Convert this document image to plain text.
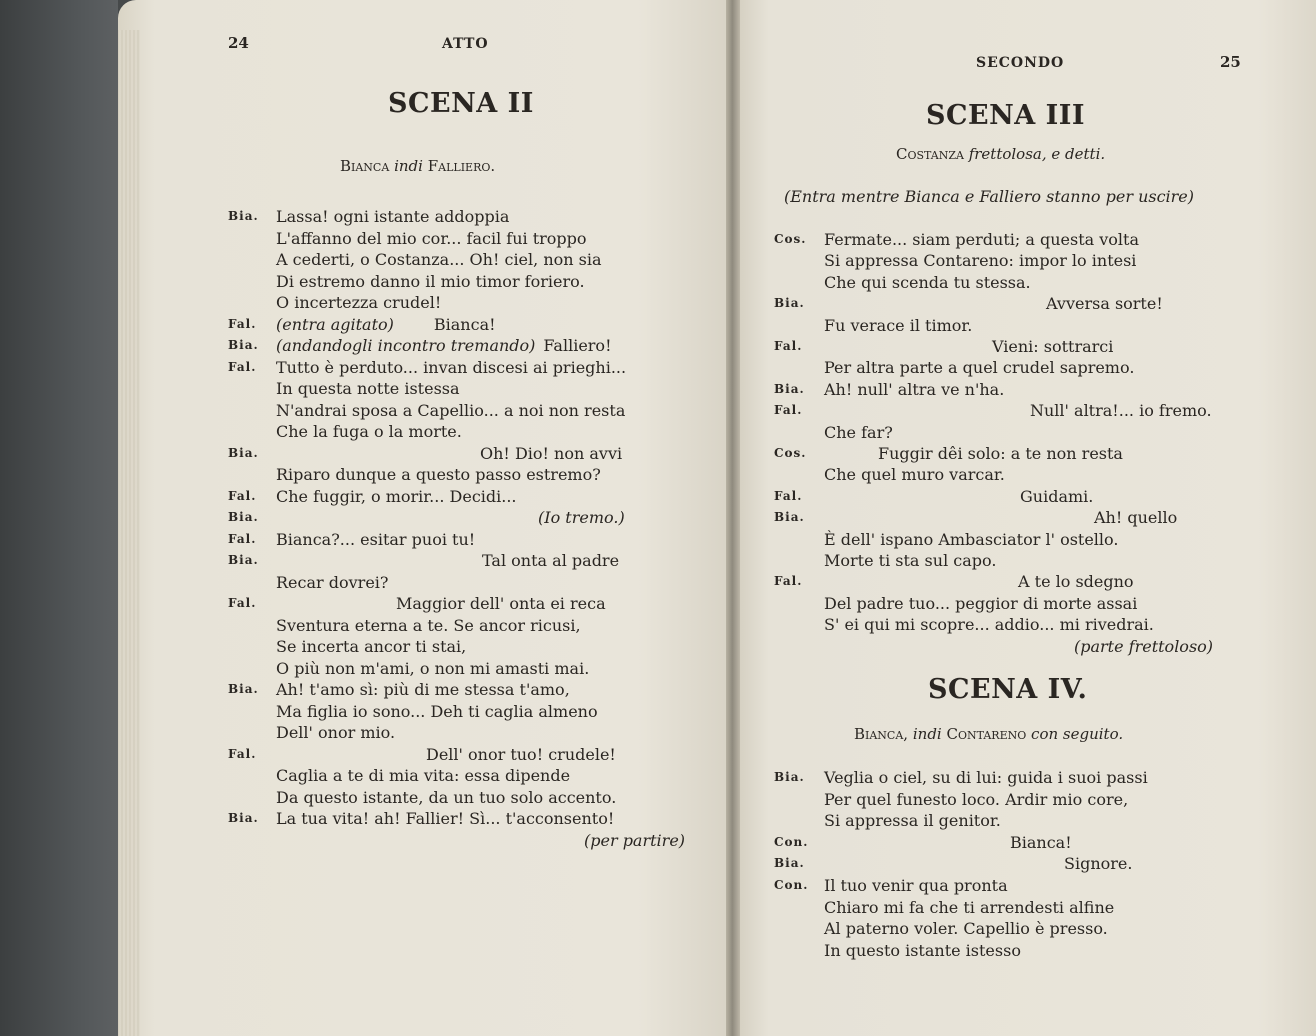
24	ATTO
SCENA II
Bianca indi Falliero.
Bia. Lassa! ogni istante addoppia
L'affanno del mio cor... facil fui troppo
A cederti, o Costanza... Oh! ciel, non sia
Di estremo danno il mio timor foriero.
O incertezza crudel!
Fal. (entra agitato)	Bianca!
Bia. (andandogli incontro tremando) Falliero!
Fal. Tutto è perduto... invan discesi ai prieghi...
In questa notte istessa
N'andrai sposa a Capellio... a noi non resta
Che la fuga o la morte.
Bia.	Oh! Dio! non avvi
Riparo dunque a questo passo estremo?
Fal. Che fuggir, o morir... Decidi...
Bia.	(Io tremo.)
Fal. Bianca?... esitar puoi tu!
Bia.	Tal onta al padre
Recar dovrei?
Fal.	Maggior dell' onta ei reca
Sventura eterna a te. Se ancor ricusi,
Se incerta ancor ti stai,
O più non m'ami, o non mi amasti mai.
Bia. Ah! t'amo sì: più di me stessa t'amo,
Ma figlia io sono... Deh ti caglia almeno
Dell' onor mio.
Fal.	Dell' onor tuo! crudele!
Caglia a te di mia vita: essa dipende
Da questo istante, da un tuo solo accento.
Bia. La tua vita! ah! Fallier! Sì... t'acconsento!
(per partire)
SECONDO	25
SCENA III
Costanza frettolosa, e detti.
(Entra mentre Bianca e Falliero stanno per uscire)
Cos. Fermate... siam perduti; a questa volta
Si appressa Contareno: impor lo intesi
Che qui scenda tu stessa.
Bia.	Avversa sorte!
Fu verace il timor.
Fal.	Vieni: sottrarci
Per altra parte a quel crudel sapremo.
Bia. Ah! null' altra ve n'ha.
Fal.	Null' altra!... io fremo.
Che far?
Cos.	Fuggir dêi solo: a te non resta
Che quel muro varcar.
Fal.	Guidami.
Bia.	Ah! quello
È dell' ispano Ambasciator l' ostello.
Morte ti sta sul capo.
Fal.	A te lo sdegno
Del padre tuo... peggior di morte assai
S' ei qui mi scopre... addio... mi rivedrai.
(parte frettoloso)
SCENA IV.
Bianca, indi Contareno con seguito.
Bia. Veglia o ciel, su di lui: guida i suoi passi
Per quel funesto loco. Ardir mio core,
Si appressa il genitor.
Con.	Bianca!
Bia.	Signore.
Con. Il tuo venir qua pronta
Chiaro mi fa che ti arrendesti alfine
Al paterno voler. Capellio è presso.
In questo istante istesso
